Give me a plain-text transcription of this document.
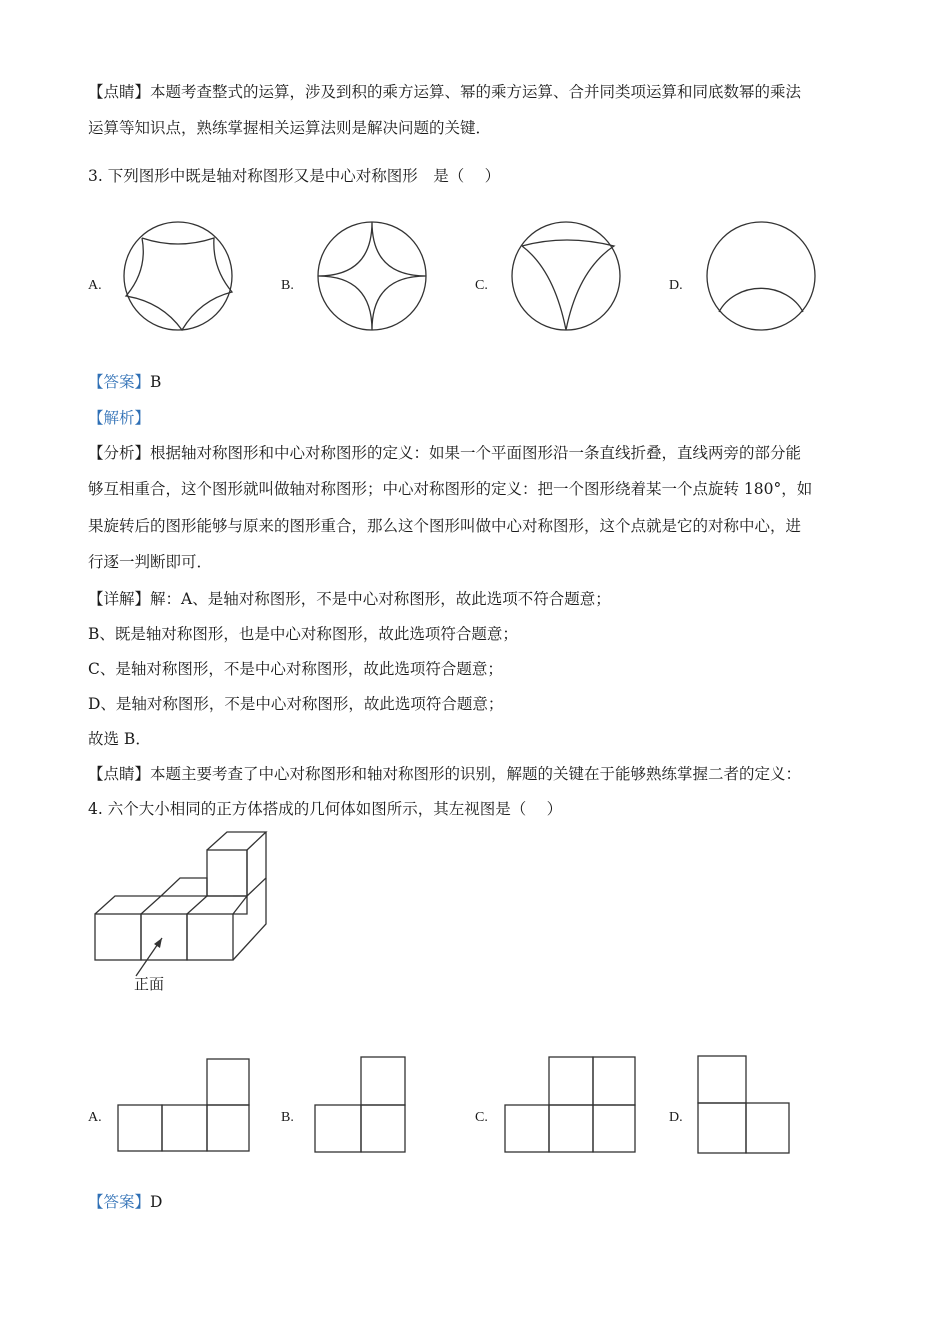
【点睛】本题考查整式的运算，涉及到积的乘方运算、幂的乘方运算、合并同类项运算和同底数幂的乘法
运算等知识点，熟练掌握相关运算法则是解决问题的关键．
3. 下列图形中既是轴对称图形又是中心对称图形　是（　 ）
A.	B.	C.	D.
【答案】B
【解析】
【分析】根据轴对称图形和中心对称图形的定义：如果一个平面图形沿一条直线折叠，直线两旁的部分能
够互相重合，这个图形就叫做轴对称图形；中心对称图形的定义：把一个图形绕着某一个点旋转 180°，如
果旋转后的图形能够与原来的图形重合，那么这个图形叫做中心对称图形，这个点就是它的对称中心，进
行逐一判断即可．
【详解】解：A、是轴对称图形，不是中心对称图形，故此选项不符合题意；
B、既是轴对称图形，也是中心对称图形，故此选项符合题意；
C、是轴对称图形，不是中心对称图形，故此选项符合题意；
D、是轴对称图形，不是中心对称图形，故此选项符合题意；
故选 B．
【点睛】本题主要考查了中心对称图形和轴对称图形的识别，解题的关键在于能够熟练掌握二者的定义：
4. 六个大小相同的正方体搭成的几何体如图所示，其左视图是（　 ）
正面
A.	B.	C.	D.
【答案】D
